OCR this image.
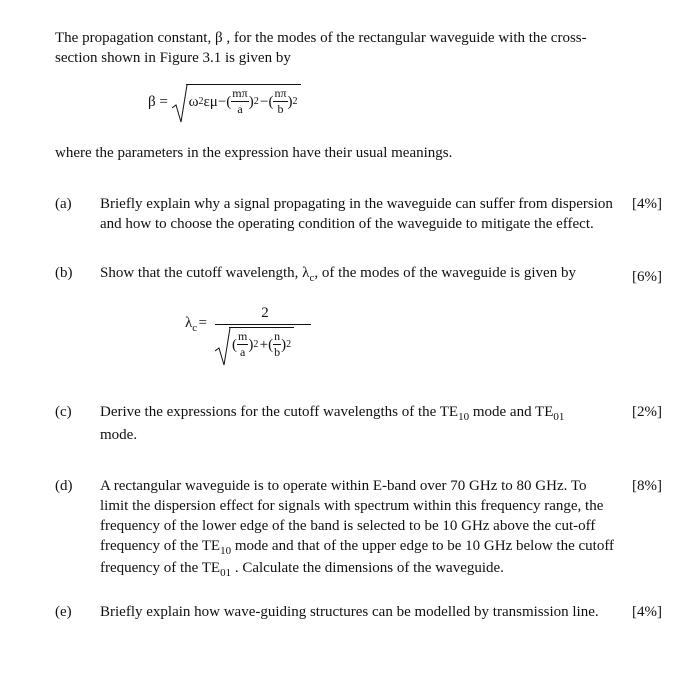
The propagation constant, β , for the modes of the rectangular waveguide with the cross-
section shown in Figure 3.1 is given by
β = ω 2 εμ − ( $\frac{m\pi}{a}$ ) 2
  − ( $\frac{n\pi}{b}$ ) 2
where the parameters in the expression have their usual meanings.
(a) Briefly explain why a signal propagating in the waveguide can suffer from dispersion
and how to choose the operating condition of the waveguide to mitigate the effect.
[4%]
(b) Show that the cutoff wavelength, $\lambda_c$, of the modes of the waveguide is given by	[6%]
$\lambda_c$ =
2
( $\frac{m}{a}$ ) 2
  + ( $\frac{n}{b}$ ) 2
(c) Derive the expressions for the cutoff wavelengths of the $TE_{10}$ mode and $TE_{01}$
mode.
[2%]
(d) A rectangular waveguide is to operate within E-band over 70 GHz to 80 GHz. To
limit the dispersion effect for signals with spectrum within this frequency range, the
frequency of the lower edge of the band is selected to be 10 GHz above the cut-off
frequency of the $TE_{10}$ mode and that of the upper edge to be 10 GHz below the cutoff
frequency of the $TE_{01}$ . Calculate the dimensions of the waveguide.
[8%]
(e) Briefly explain how wave-guiding structures can be modelled by transmission line. [4%]
